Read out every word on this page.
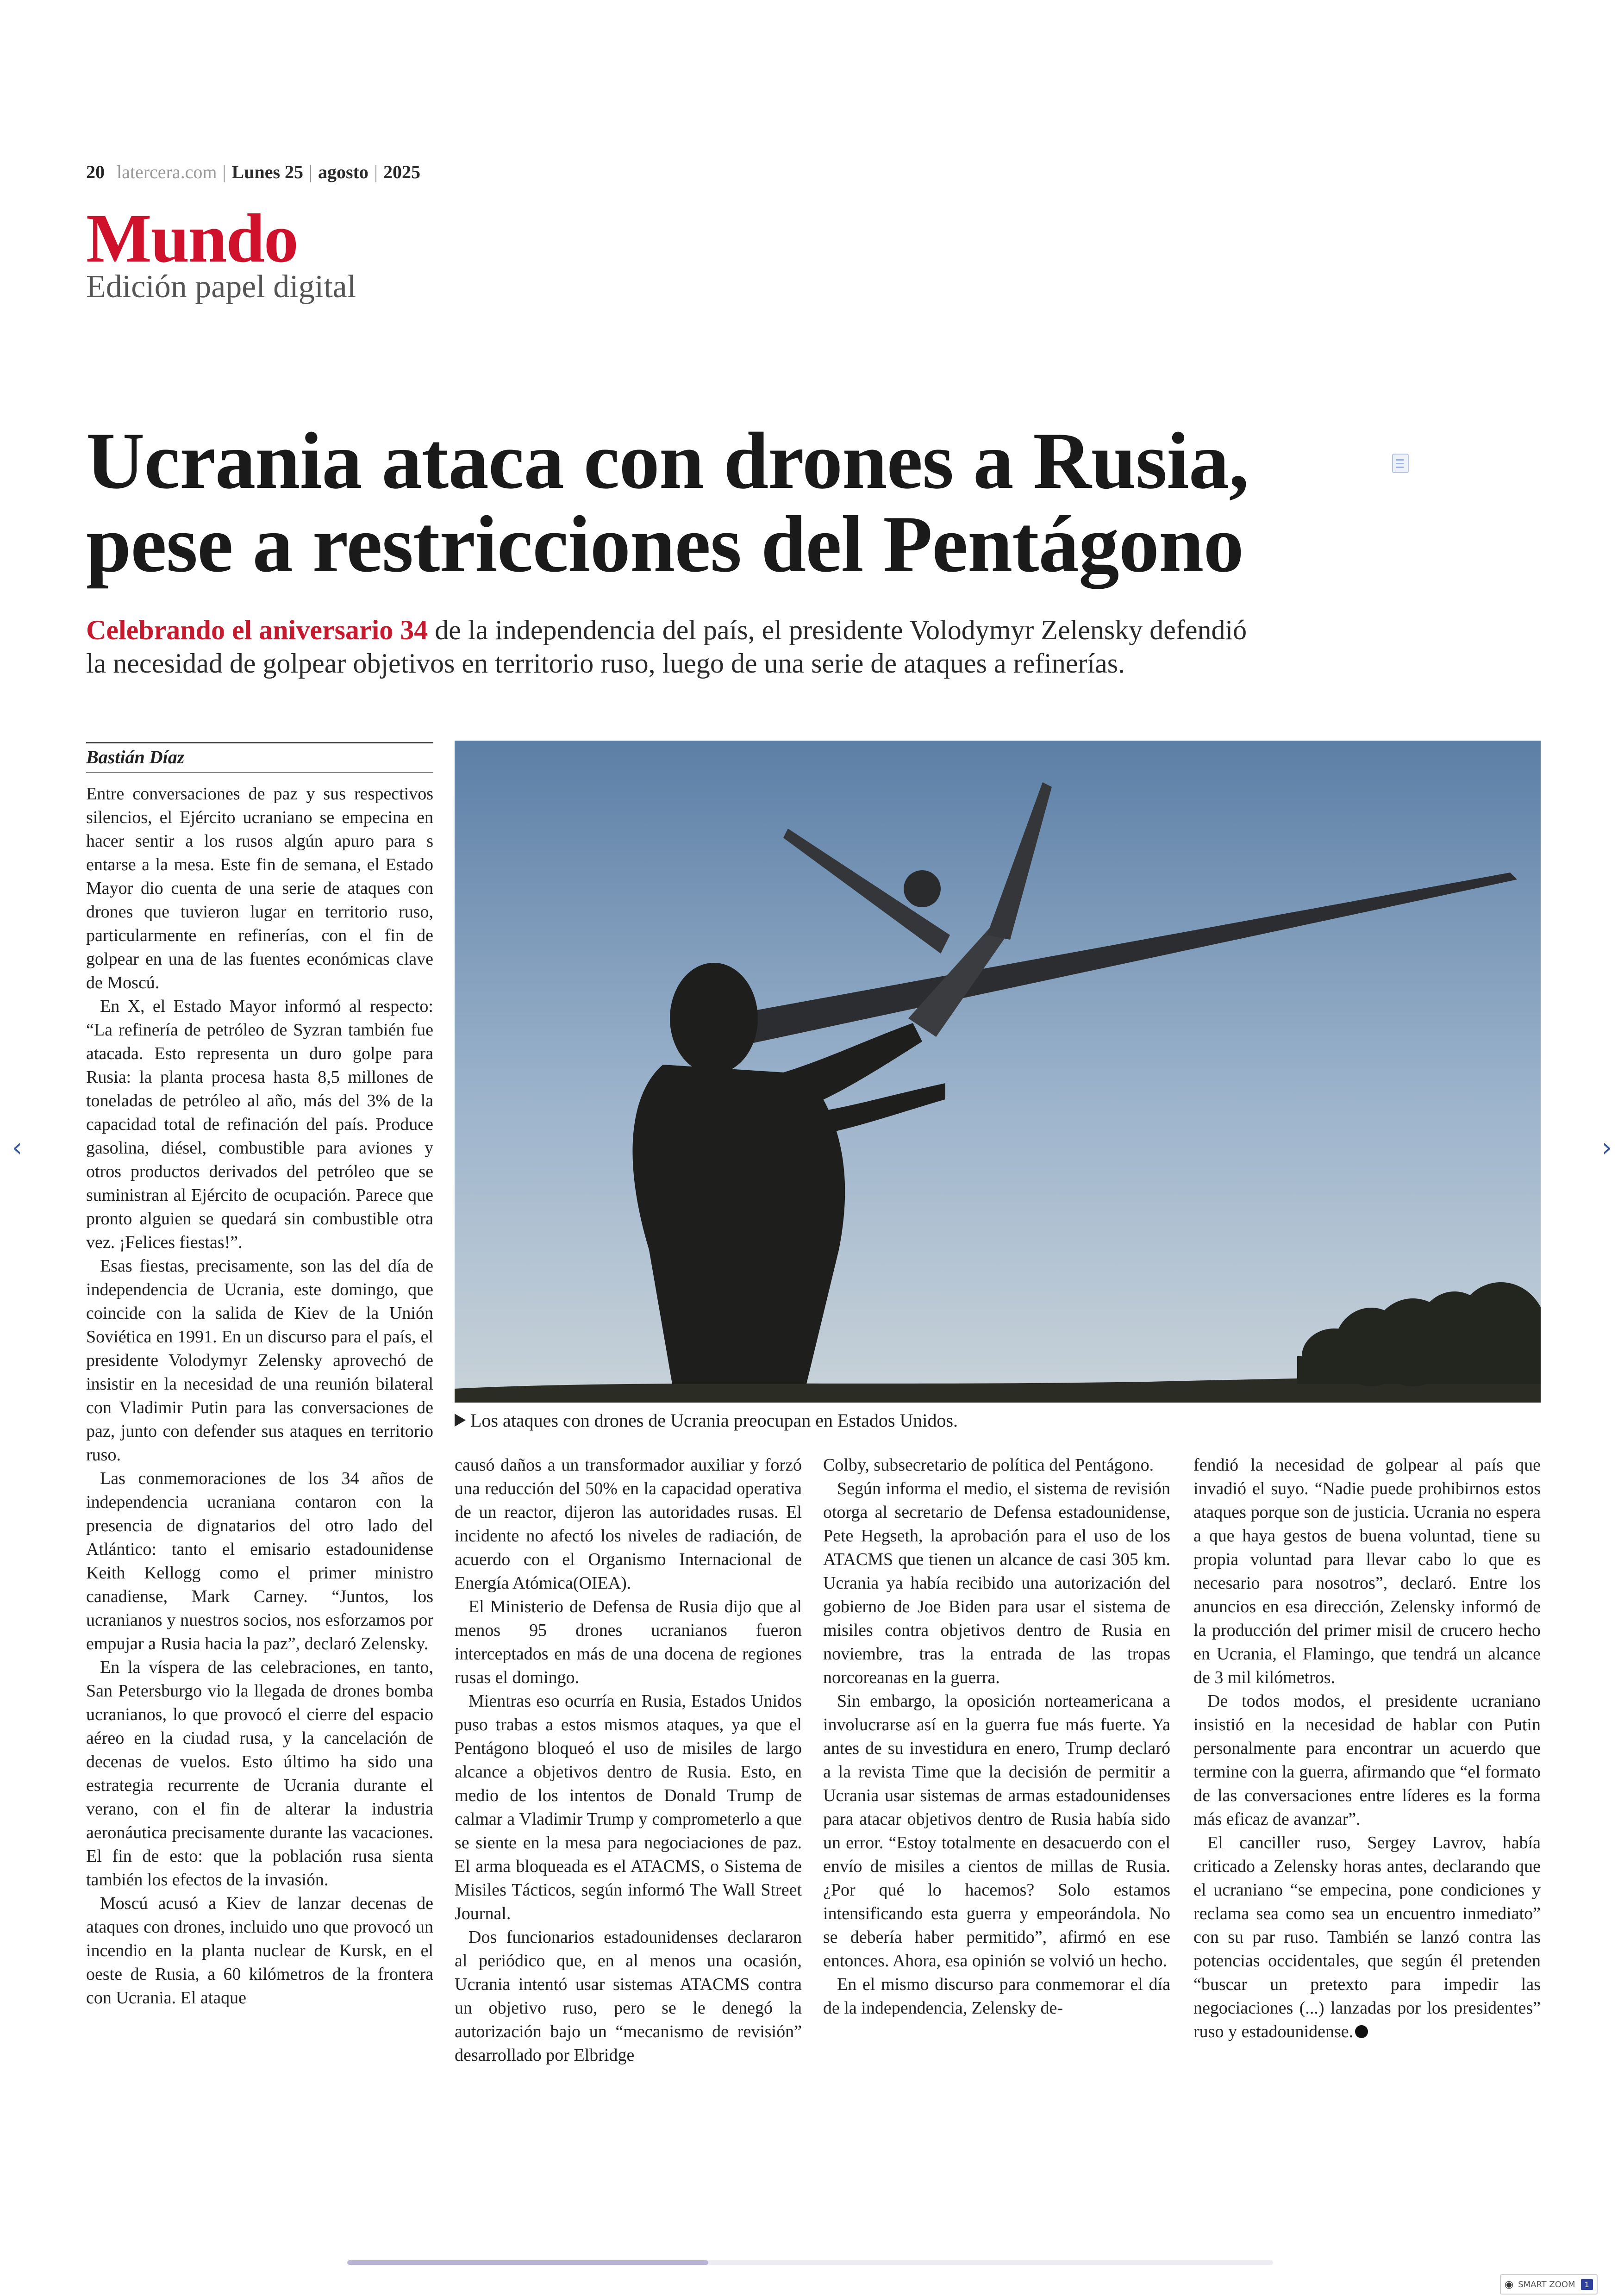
20 latercera.com | Lunes 25 | agosto | 2025
Mundo
Edición papel digital
Ucrania ataca con drones a Rusia,
pese a restricciones del Pentágono
Celebrando el aniversario 34 de la independencia del país, el presidente Volodymyr Zelensky defendió
la necesidad de golpear objetivos en territorio ruso, luego de una serie de ataques a refinerías.
Bastián Díaz

Entre conversaciones de paz y sus respectivos silencios, el Ejército ucraniano se empecina en hacer sentir a los rusos algún apuro para s entarse a la mesa. Este fin de semana, el Estado Mayor dio cuenta de una serie de ataques con drones que tuvieron lugar en territorio ruso, particularmente en refinerías, con el fin de golpear en una de las fuentes económicas clave de Moscú.

En X, el Estado Mayor informó al respecto: “La refinería de petróleo de Syzran también fue atacada. Esto representa un duro golpe para Rusia: la planta procesa hasta 8,5 millones de toneladas de petróleo al año, más del 3% de la capacidad total de refinación del país. Produce gasolina, diésel, combustible para aviones y otros productos derivados del petróleo que se suministran al Ejército de ocupación. Parece que pronto alguien se quedará sin combustible otra vez. ¡Felices fiestas!”.

Esas fiestas, precisamente, son las del día de independencia de Ucrania, este domingo, que coincide con la salida de Kiev de la Unión Soviética en 1991. En un discurso para el país, el presidente Volodymyr Zelensky aprovechó de insistir en la necesidad de una reunión bilateral con Vladimir Putin para las conversaciones de paz, junto con defender sus ataques en territorio ruso.

Las conmemoraciones de los 34 años de independencia ucraniana contaron con la presencia de dignatarios del otro lado del Atlántico: tanto el emisario estadounidense Keith Kellogg como el primer ministro canadiense, Mark Carney. “Juntos, los ucranianos y nuestros socios, nos esforzamos por empujar a Rusia hacia la paz”, declaró Zelensky.

En la víspera de las celebraciones, en tanto, San Petersburgo vio la llegada de drones bomba ucranianos, lo que provocó el cierre del espacio aéreo en la ciudad rusa, y la cancelación de decenas de vuelos. Esto último ha sido una estrategia recurrente de Ucrania durante el verano, con el fin de alterar la industria aeronáutica precisamente durante las vacaciones. El fin de esto: que la población rusa sienta también los efectos de la invasión.

Moscú acusó a Kiev de lanzar decenas de ataques con drones, incluido uno que provocó un incendio en la planta nuclear de Kursk, en el oeste de Rusia, a 60 kilómetros de la frontera con Ucrania. El ataque

Los ataques con drones de Ucrania preocupan en Estados Unidos.

causó daños a un transformador auxiliar y forzó una reducción del 50% en la capacidad operativa de un reactor, dijeron las autoridades rusas. El incidente no afectó los niveles de radiación, de acuerdo con el Organismo Internacional de Energía Atómica(OIEA).

El Ministerio de Defensa de Rusia dijo que al menos 95 drones ucranianos fueron interceptados en más de una docena de regiones rusas el domingo.

Mientras eso ocurría en Rusia, Estados Unidos puso trabas a estos mismos ataques, ya que el Pentágono bloqueó el uso de misiles de largo alcance a objetivos dentro de Rusia. Esto, en medio de los intentos de Donald Trump de calmar a Vladimir Trump y comprometerlo a que se siente en la mesa para negociaciones de paz. El arma bloqueada es el ATACMS, o Sistema de Misiles Tácticos, según informó The Wall Street Journal.

Dos funcionarios estadounidenses declararon al periódico que, en al menos una ocasión, Ucrania intentó usar sistemas ATACMS contra un objetivo ruso, pero se le denegó la autorización bajo un “mecanismo de revisión” desarrollado por Elbridge

Colby, subsecretario de política del Pentágono.

Según informa el medio, el sistema de revisión otorga al secretario de Defensa estadounidense, Pete Hegseth, la aprobación para el uso de los ATACMS que tienen un alcance de casi 305 km. Ucrania ya había recibido una autorización del gobierno de Joe Biden para usar el sistema de misiles contra objetivos dentro de Rusia en noviembre, tras la entrada de las tropas norcoreanas en la guerra.

Sin embargo, la oposición norteamericana a involucrarse así en la guerra fue más fuerte. Ya antes de su investidura en enero, Trump declaró a la revista Time que la decisión de permitir a Ucrania usar sistemas de armas estadounidenses para atacar objetivos dentro de Rusia había sido un error. “Estoy totalmente en desacuerdo con el envío de misiles a cientos de millas de Rusia. ¿Por qué lo hacemos? Solo estamos intensificando esta guerra y empeorándola. No se debería haber permitido”, afirmó en ese entonces. Ahora, esa opinión se volvió un hecho.

En el mismo discurso para conmemorar el día de la independencia, Zelensky de-

fendió la necesidad de golpear al país que invadió el suyo. “Nadie puede prohibirnos estos ataques porque son de justicia. Ucrania no espera a que haya gestos de buena voluntad, tiene su propia voluntad para llevar cabo lo que es necesario para nosotros”, declaró. Entre los anuncios en esa dirección, Zelensky informó de la producción del primer misil de crucero hecho en Ucrania, el Flamingo, que tendrá un alcance de 3 mil kilómetros.

De todos modos, el presidente ucraniano insistió en la necesidad de hablar con Putin personalmente para encontrar un acuerdo que termine con la guerra, afirmando que “el formato de las conversaciones entre líderes es la forma más eficaz de avanzar”.

El canciller ruso, Sergey Lavrov, había criticado a Zelensky horas antes, declarando que el ucraniano “se empecina, pone condiciones y reclama sea como sea un encuentro inmediato” con su par ruso. También se lanzó contra las potencias occidentales, que según él pretenden “buscar un pretexto para impedir las negociaciones (...) lanzadas por los presidentes” ruso y estadounidense.

‹	›
◉ SMART ZOOM	1
